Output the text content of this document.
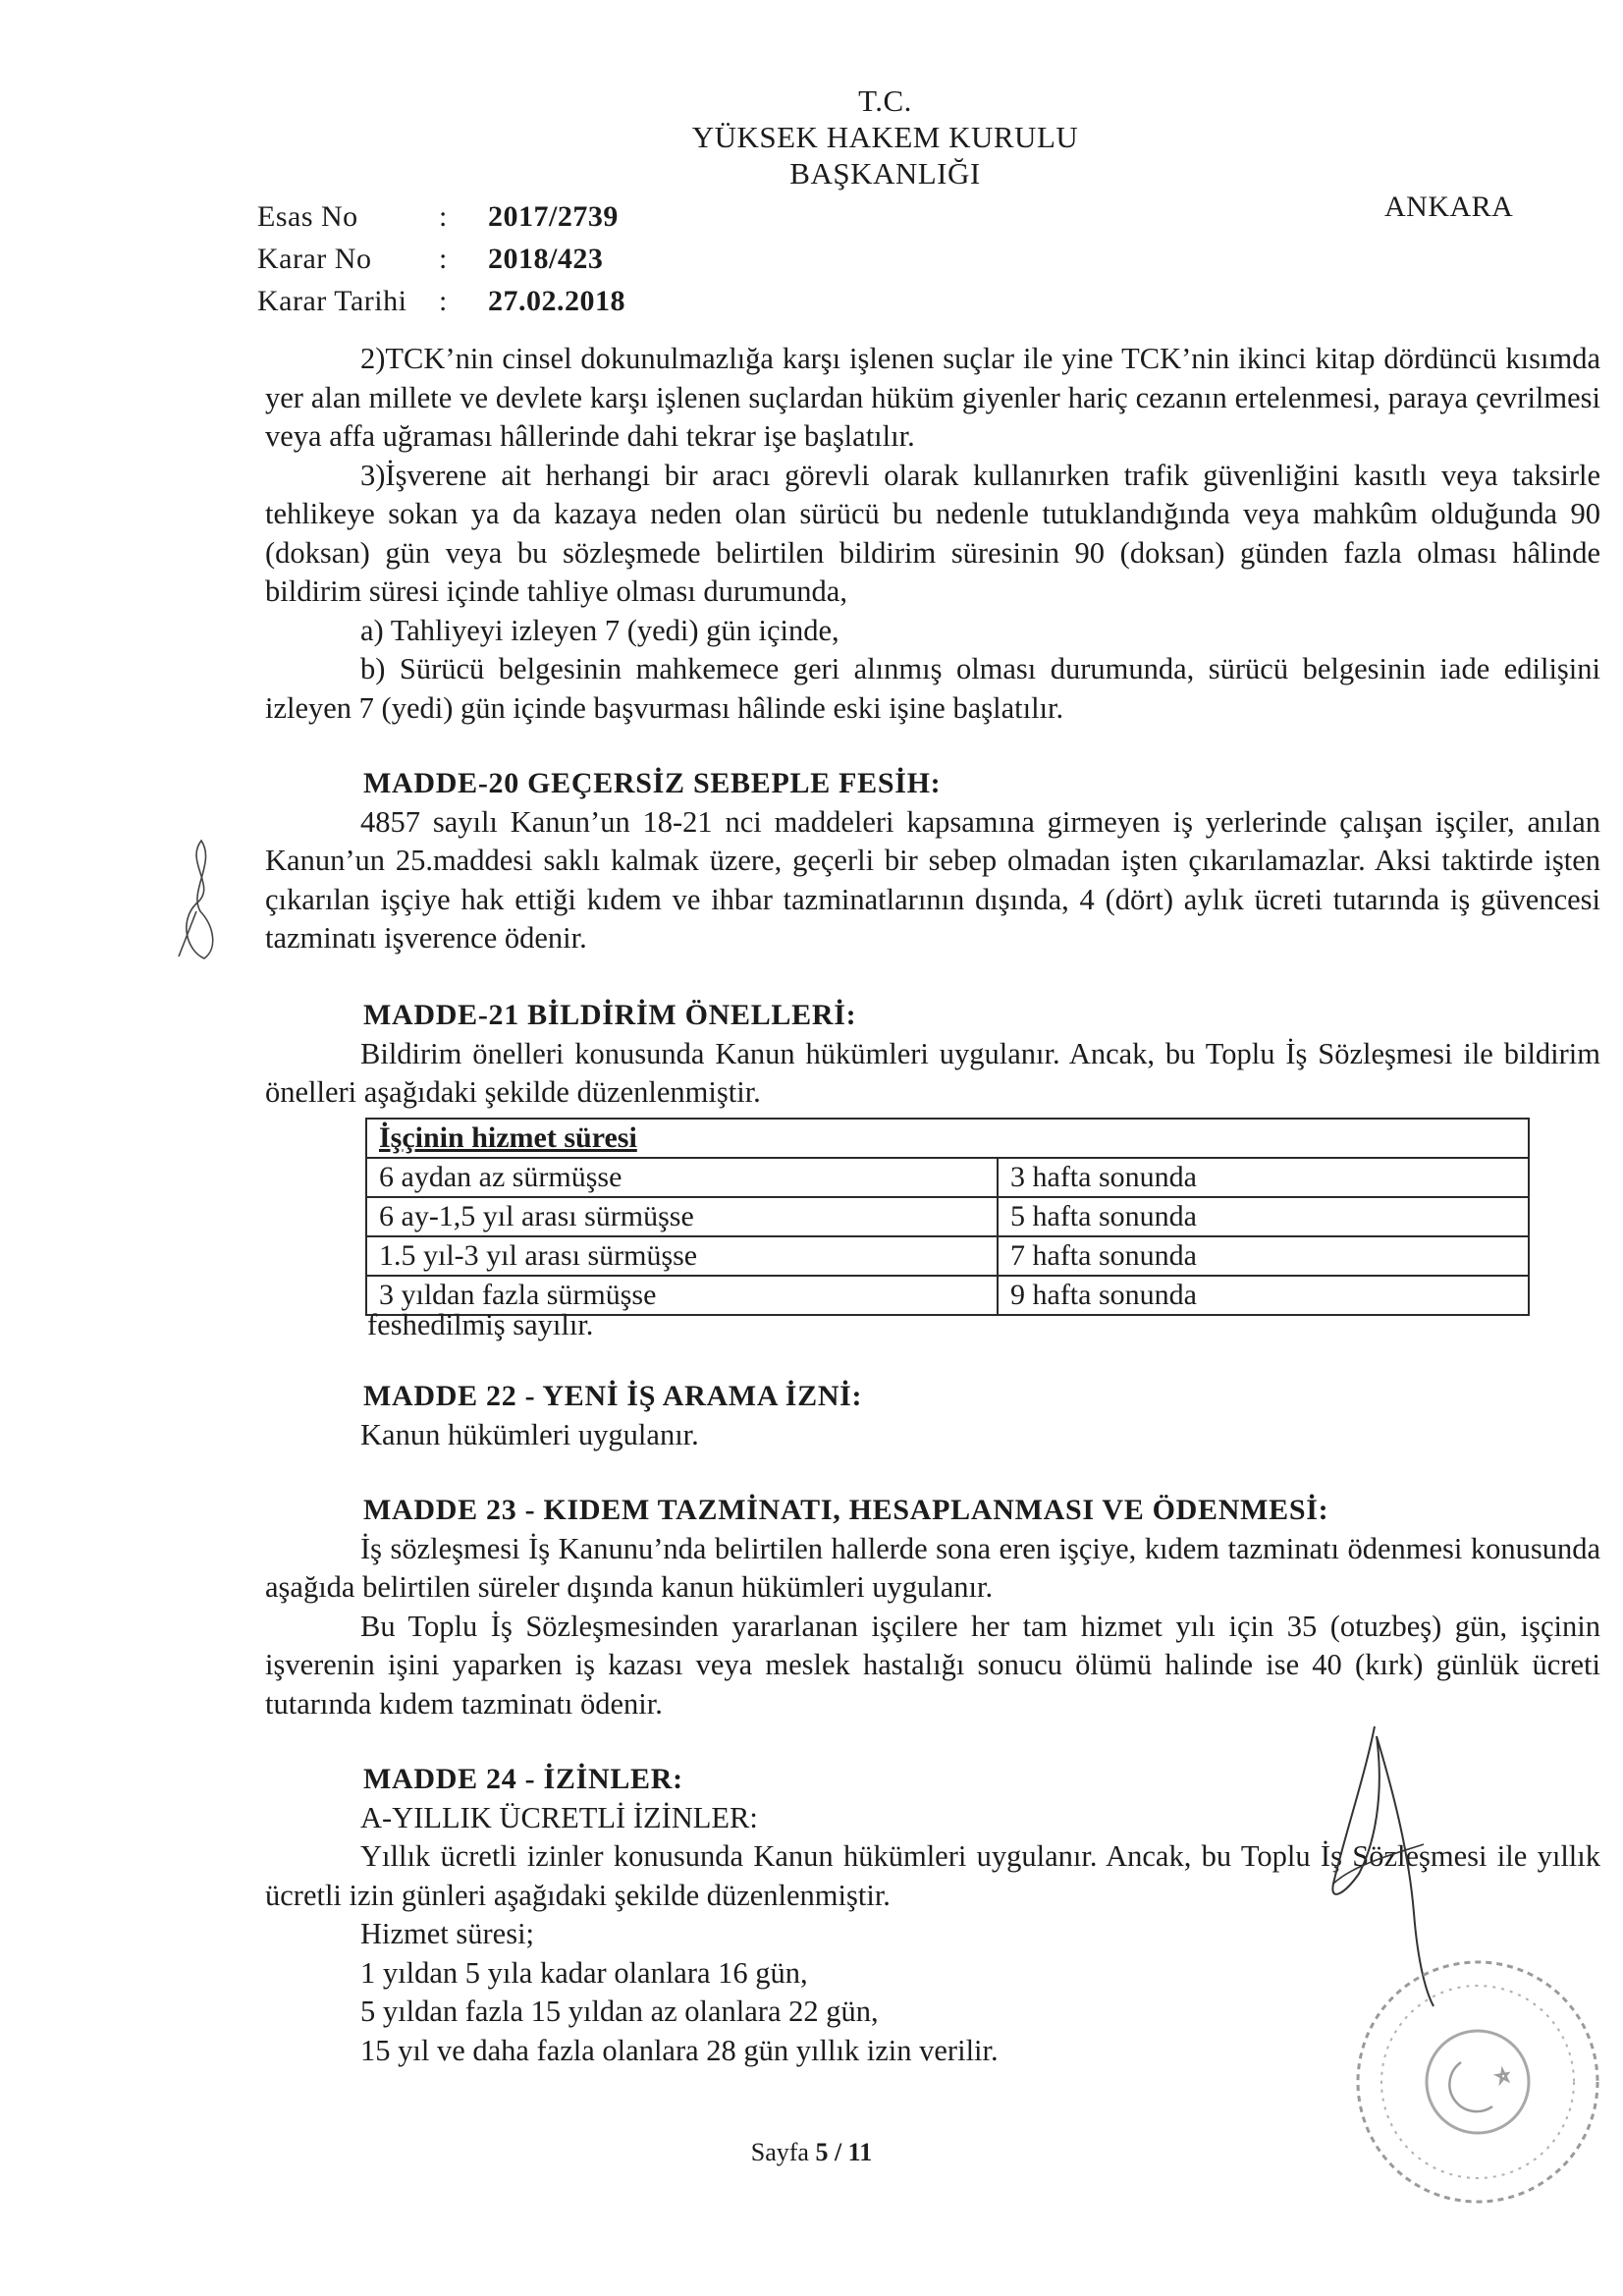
T.C.
YÜKSEK HAKEM KURULU
BAŞKANLIĞI
ANKARA
Esas No	:	2017/2739
Karar No	:	2018/423
Karar Tarihi	:	27.02.2018

2)TCK’nin cinsel dokunulmazlığa karşı işlenen suçlar ile yine TCK’nin ikinci kitap dördüncü kısımda yer alan millete ve devlete karşı işlenen suçlardan hüküm giyenler hariç cezanın ertelenmesi, paraya çevrilmesi veya affa uğraması hâllerinde dahi tekrar işe başlatılır.

3)İşverene ait herhangi bir aracı görevli olarak kullanırken trafik güvenliğini kasıtlı veya taksirle tehlikeye sokan ya da kazaya neden olan sürücü bu nedenle tutuklandığında veya mahkûm olduğunda 90 (doksan) gün veya bu sözleşmede belirtilen bildirim süresinin 90 (doksan) günden fazla olması hâlinde bildirim süresi içinde tahliye olması durumunda,

a) Tahliyeyi izleyen 7 (yedi) gün içinde,

b) Sürücü belgesinin mahkemece geri alınmış olması durumunda, sürücü belgesinin iade edilişini izleyen 7 (yedi) gün içinde başvurması hâlinde eski işine başlatılır.

MADDE-20 GEÇERSİZ SEBEPLE FESİH:

4857 sayılı Kanun’un 18-21 nci maddeleri kapsamına girmeyen iş yerlerinde çalışan işçiler, anılan Kanun’un 25.maddesi saklı kalmak üzere, geçerli bir sebep olmadan işten çıkarılamazlar. Aksi taktirde işten çıkarılan işçiye hak ettiği kıdem ve ihbar tazminatlarının dışında, 4 (dört) aylık ücreti tutarında iş güvencesi tazminatı işverence ödenir.

MADDE-21 BİLDİRİM ÖNELLERİ:

Bildirim önelleri konusunda Kanun hükümleri uygulanır. Ancak, bu Toplu İş Sözleşmesi ile bildirim önelleri aşağıdaki şekilde düzenlenmiştir.

İşçinin hizmet süresi	
6 aydan az sürmüşse	3 hafta sonunda
6 ay-1,5 yıl arası sürmüşse	5 hafta sonunda
1.5 yıl-3 yıl arası sürmüşse	7 hafta sonunda
3 yıldan fazla sürmüşse	9 hafta sonunda

feshedilmiş sayılır.

MADDE 22 - YENİ İŞ ARAMA İZNİ:

Kanun hükümleri uygulanır.

MADDE 23 - KIDEM TAZMİNATI, HESAPLANMASI VE ÖDENMESİ:

İş sözleşmesi İş Kanunu’nda belirtilen hallerde sona eren işçiye, kıdem tazminatı ödenmesi konusunda aşağıda belirtilen süreler dışında kanun hükümleri uygulanır.

Bu Toplu İş Sözleşmesinden yararlanan işçilere her tam hizmet yılı için 35 (otuzbeş) gün, işçinin işverenin işini yaparken iş kazası veya meslek hastalığı sonucu ölümü halinde ise 40 (kırk) günlük ücreti tutarında kıdem tazminatı ödenir.

MADDE 24 - İZİNLER:

A-YILLIK ÜCRETLİ İZİNLER:

Yıllık ücretli izinler konusunda Kanun hükümleri uygulanır. Ancak, bu Toplu İş Sözleşmesi ile yıllık ücretli izin günleri aşağıdaki şekilde düzenlenmiştir.

Hizmet süresi;

1 yıldan 5 yıla kadar olanlara 16 gün,

5 yıldan fazla 15 yıldan az olanlara 22 gün,

15 yıl ve daha fazla olanlara 28 gün yıllık izin verilir.

Sayfa 5 / 11
